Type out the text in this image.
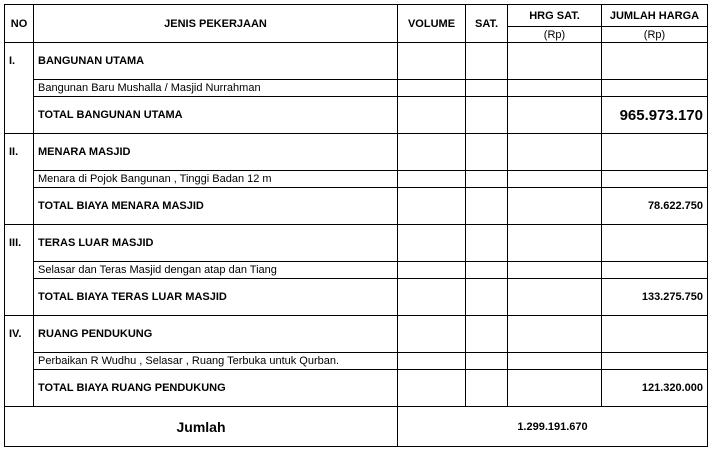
NO	JENIS PEKERJAAN	VOLUME	SAT.	HRG SAT.	JUMLAH HARGA
				(Rp)	(Rp)
I.	BANGUNAN UTAMA				
	Bangunan Baru Mushalla / Masjid Nurrahman				
	TOTAL BANGUNAN UTAMA				965.973.170
II.	MENARA MASJID				
	Menara di Pojok Bangunan , Tinggi Badan 12 m				
	TOTAL BIAYA MENARA MASJID				78.622.750
III.	TERAS LUAR MASJID				
	Selasar dan Teras Masjid dengan atap dan Tiang				
	TOTAL BIAYA TERAS LUAR MASJID				133.275.750
IV.	RUANG PENDUKUNG				
	Perbaikan R Wudhu , Selasar , Ruang Terbuka untuk Qurban.				
	TOTAL BIAYA RUANG PENDUKUNG				121.320.000
Jumlah		1.299.191.670			
